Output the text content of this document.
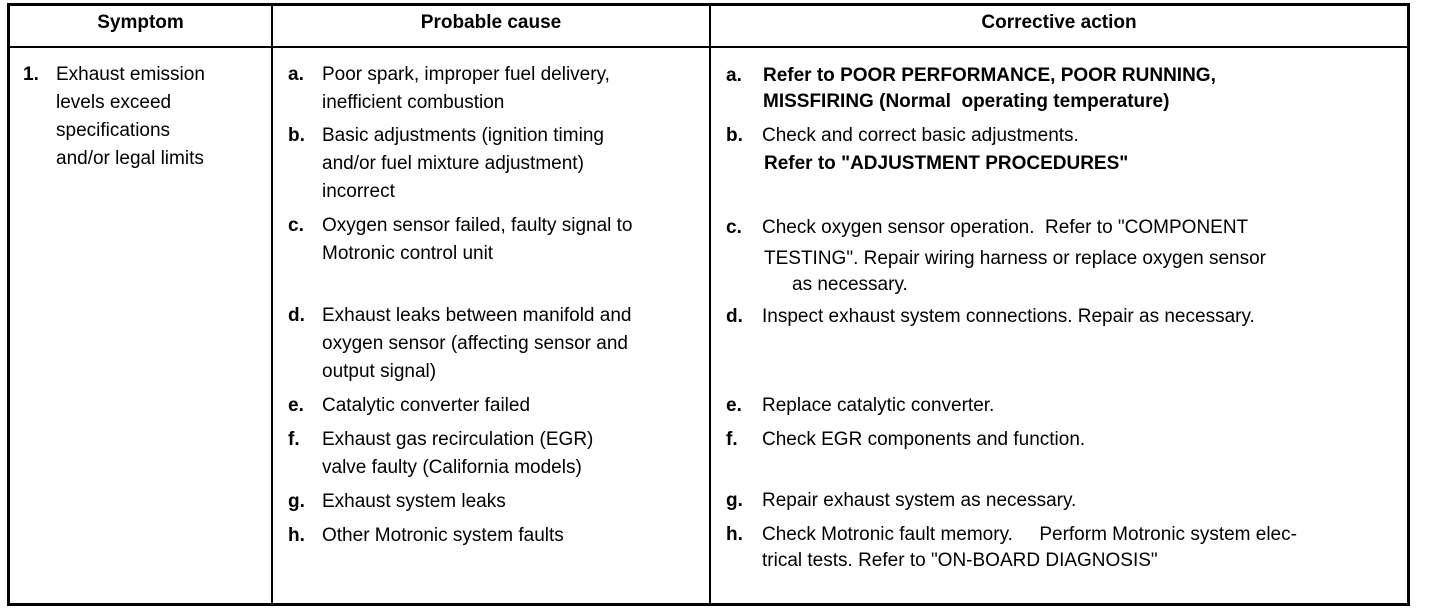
Symptom	Probable cause	Corrective action
1. Exhaust emission
levels exceed
specifications
and/or legal limits
a. Poor spark, improper fuel delivery,
inefficient combustion
b. Basic adjustments (ignition timing
and/or fuel mixture adjustment)
incorrect
c. Oxygen sensor failed, faulty signal to
Motronic control unit
d. Exhaust leaks between manifold and
oxygen sensor (affecting sensor and
output signal)
e. Catalytic converter failed
f. Exhaust gas recirculation (EGR)
valve faulty (California models)
g. Exhaust system leaks
h. Other Motronic system faults
a. Refer to POOR PERFORMANCE, POOR RUNNING,
MISSFIRING (Normal  operating temperature)
b. Check and correct basic adjustments.
Refer to "ADJUSTMENT PROCEDURES"
c. Check oxygen sensor operation.  Refer to "COMPONENT
TESTING". Repair wiring harness or replace oxygen sensor
as necessary.
d. Inspect exhaust system connections. Repair as necessary.
e. Replace catalytic converter.
f. Check EGR components and function.
g. Repair exhaust system as necessary.
h. Check Motronic fault memory.     Perform Motronic system elec-
trical tests. Refer to "ON-BOARD DIAGNOSIS"
